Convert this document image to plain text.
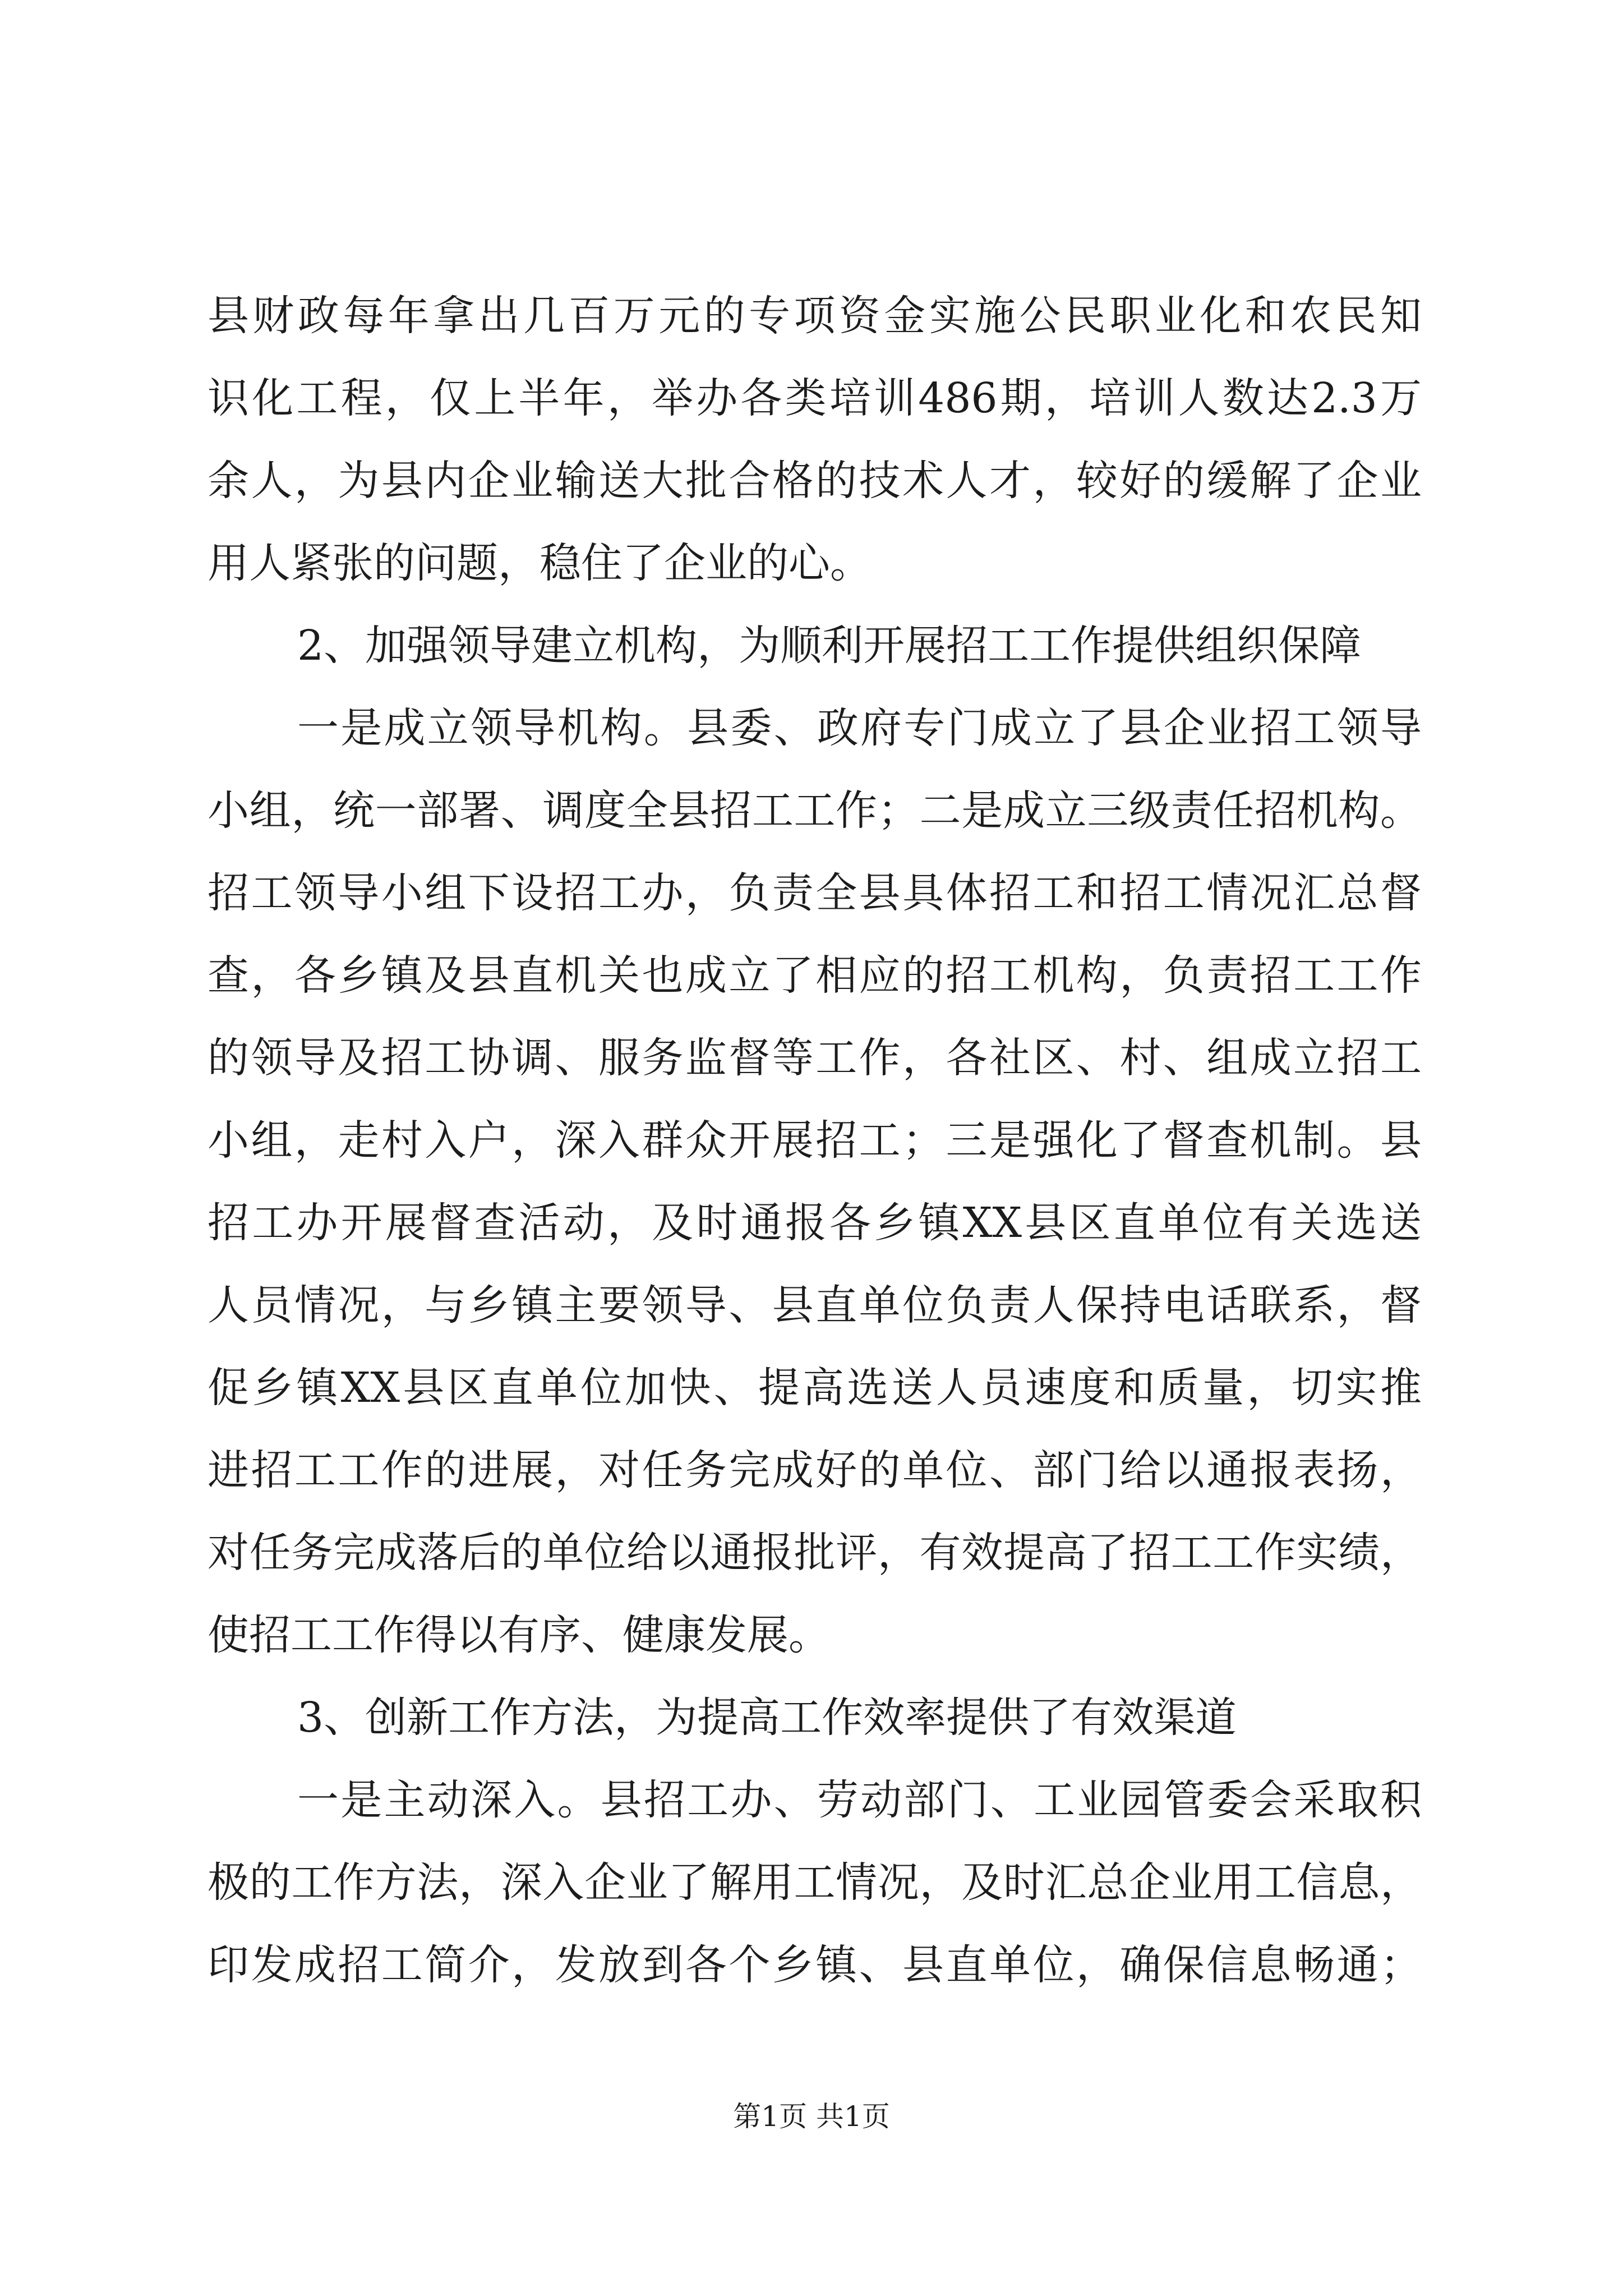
县财政每年拿出几百万元的专项资金实施公民职业化和农民知
识化工程，仅上半年，举办各类培训486期，培训人数达2.3万
余人，为县内企业输送大批合格的技术人才，较好的缓解了企业
用人紧张的问题，稳住了企业的心。
2、加强领导建立机构，为顺利开展招工工作提供组织保障
一是成立领导机构。县委、政府专门成立了县企业招工领导
小组，统一部署、调度全县招工工作；二是成立三级责任招机构。
招工领导小组下设招工办，负责全县具体招工和招工情况汇总督
查，各乡镇及县直机关也成立了相应的招工机构，负责招工工作
的领导及招工协调、服务监督等工作，各社区、村、组成立招工
小组，走村入户，深入群众开展招工；三是强化了督查机制。县
招工办开展督查活动，及时通报各乡镇XX县区直单位有关选送
人员情况，与乡镇主要领导、县直单位负责人保持电话联系，督
促乡镇XX县区直单位加快、提高选送人员速度和质量，切实推
进招工工作的进展，对任务完成好的单位、部门给以通报表扬，
对任务完成落后的单位给以通报批评，有效提高了招工工作实绩，
使招工工作得以有序、健康发展。
3、创新工作方法，为提高工作效率提供了有效渠道
一是主动深入。县招工办、劳动部门、工业园管委会采取积
极的工作方法，深入企业了解用工情况，及时汇总企业用工信息，
印发成招工简介，发放到各个乡镇、县直单位，确保信息畅通；
第1页 共1页
